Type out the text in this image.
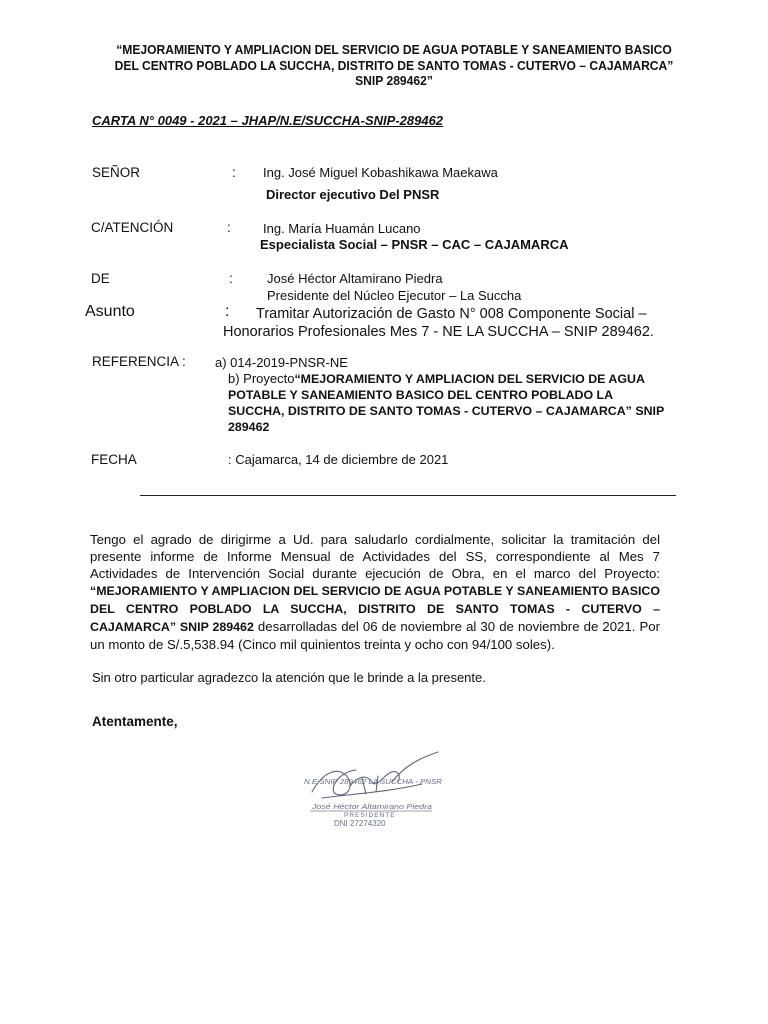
“MEJORAMIENTO Y AMPLIACION DEL SERVICIO DE AGUA POTABLE Y SANEAMIENTO BASICO
DEL CENTRO POBLADO LA SUCCHA, DISTRITO DE SANTO TOMAS - CUTERVO – CAJAMARCA”
SNIP 289462”
CARTA N° 0049 - 2021 – JHAP/N.E/SUCCHA-SNIP-289462
SEÑOR	: Ing. José Miguel Kobashikawa Maekawa
Director ejecutivo Del PNSR
C/ATENCIÓN	: Ing. María Huamán Lucano
Especialista Social – PNSR – CAC – CAJAMARCA
DE	:	José Héctor Altamirano Piedra
Presidente del Núcleo Ejecutor – La Succha
Asunto	:	Tramitar Autorización de Gasto N° 008 Componente Social –
Honorarios Profesionales Mes 7 - NE LA SUCCHA – SNIP 289462.
REFERENCIA : a) 014-2019-PNSR-NE
b) Proyecto“MEJORAMIENTO Y AMPLIACION DEL SERVICIO DE AGUA POTABLE Y SANEAMIENTO BASICO DEL CENTRO POBLADO LA SUCCHA, DISTRITO DE SANTO TOMAS - CUTERVO – CAJAMARCA” SNIP 289462
FECHA	: Cajamarca, 14 de diciembre de 2021
Tengo el agrado de dirigirme a Ud. para saludarlo cordialmente, solicitar la tramitación del presente informe de Informe Mensual de Actividades del SS, correspondiente al Mes 7 Actividades de Intervención Social durante ejecución de Obra, en el marco del Proyecto: “MEJORAMIENTO Y AMPLIACION DEL SERVICIO DE AGUA POTABLE Y SANEAMIENTO BASICO DEL CENTRO POBLADO LA SUCCHA, DISTRITO DE SANTO TOMAS - CUTERVO – CAJAMARCA” SNIP 289462 desarrolladas del 06 de noviembre al 30 de noviembre de 2021. Por un monto de S/.5,538.94 (Cinco mil quinientos treinta y ocho con 94/100 soles).
Sin otro particular agradezco la atención que le brinde a la presente.
Atentamente,
N.E SNIP 289462 LA SUCCHA - PNSR
José Héctor Altamirano Piedra
PRESIDENTE
DNI 27274320
